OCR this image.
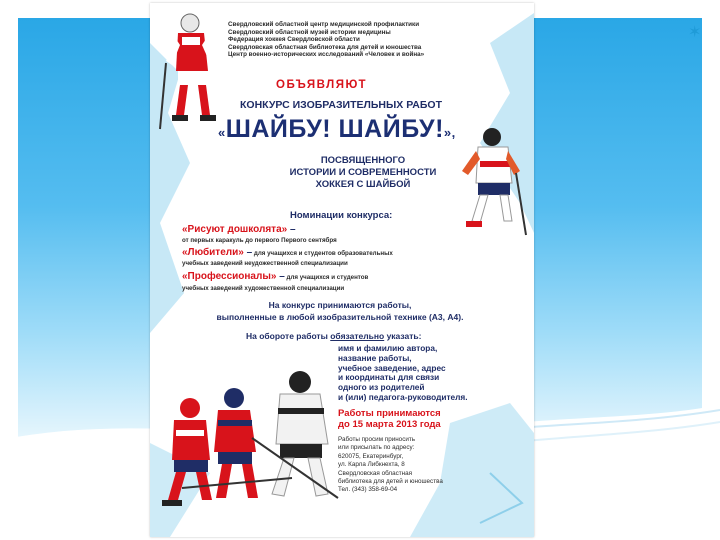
✶
Свердловский областной центр медицинской профилактики
Свердловский областной музей истории медицины
Федерация хоккея Свердловской области
Свердловская областная библиотека для детей и юношества
Центр военно-исторических исследований «Человек и война»
ОБЪЯВЛЯЮТ
КОНКУРС ИЗОБРАЗИТЕЛЬНЫХ РАБОТ
«ШАЙБУ! ШАЙБУ!»,
ПОСВЯЩЕННОГО
ИСТОРИИ И СОВРЕМЕННОСТИ
ХОККЕЯ С ШАЙБОЙ
Номинации конкурса:
«Рисуют дошколята» –
от первых каракуль до первого Первого сентября
«Любители» – для учащихся и студентов образовательных
учебных заведений неудожественной специализации
«Профессионалы» – для учащихся и студентов
учебных заведений художественной специализации
На конкурс принимаются работы,
выполненные в любой изобразительной технике (А3, А4).
На обороте работы обязательно указать:
имя и фамилию автора,
название работы,
учебное заведение, адрес
и координаты для связи
одного из родителей
и (или) педагога-руководителя.
Работы принимаются
до 15 марта 2013 года
Работы просим приносить
или присылать по адресу:
620075, Екатеринбург,
ул. Карла Либкнехта, 8
Свердловская областная
библиотека для детей и юношества
Тел. (343) 358-69-04
